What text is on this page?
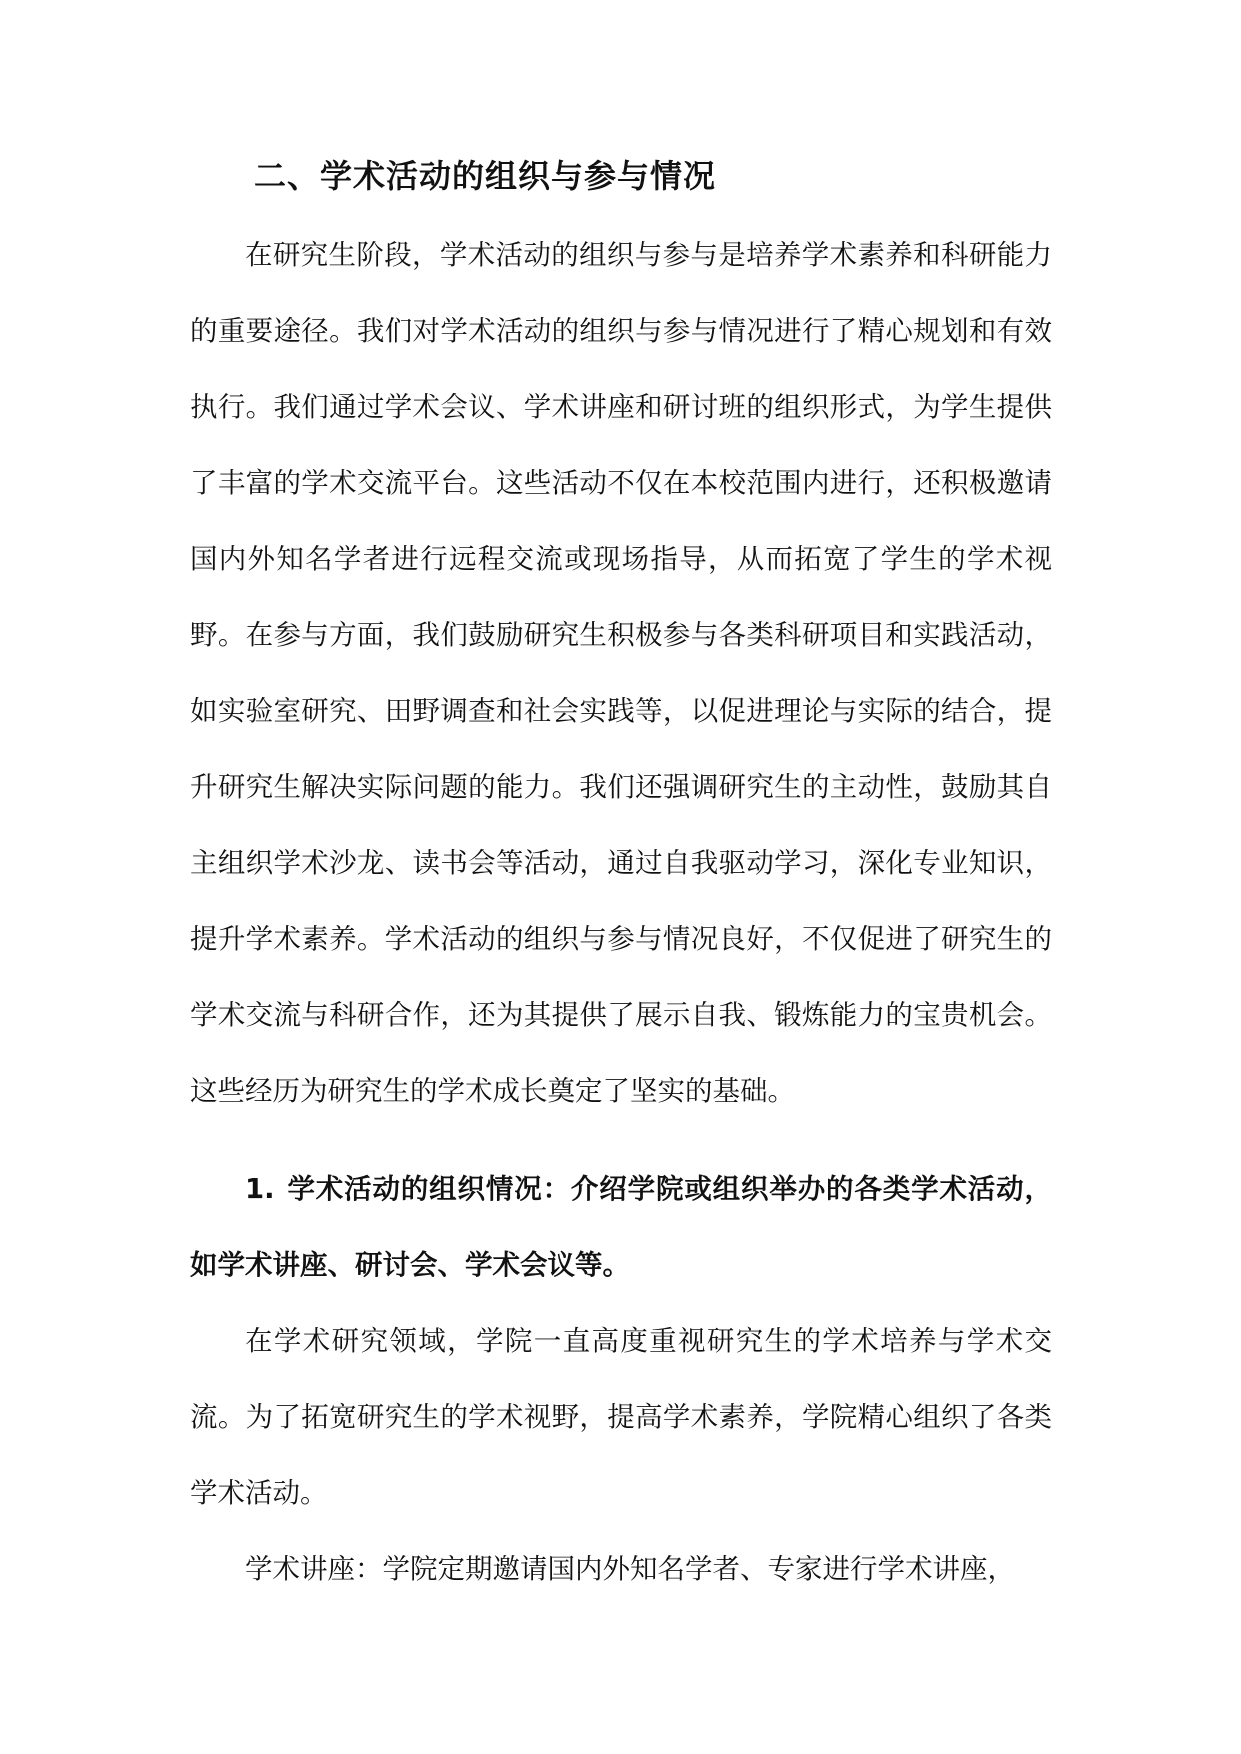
二、学术活动的组织与参与情况

在研究生阶段，学术活动的组织与参与是培养学术素养和科研能力的重要途径。我们对学术活动的组织与参与情况进行了精心规划和有效执行。我们通过学术会议、学术讲座和研讨班的组织形式，为学生提供了丰富的学术交流平台。这些活动不仅在本校范围内进行，还积极邀请国内外知名学者进行远程交流或现场指导，从而拓宽了学生的学术视野。在参与方面，我们鼓励研究生积极参与各类科研项目和实践活动，如实验室研究、田野调查和社会实践等，以促进理论与实际的结合，提升研究生解决实际问题的能力。我们还强调研究生的主动性，鼓励其自主组织学术沙龙、读书会等活动，通过自我驱动学习，深化专业知识，提升学术素养。学术活动的组织与参与情况良好，不仅促进了研究生的学术交流与科研合作，还为其提供了展示自我、锻炼能力的宝贵机会。这些经历为研究生的学术成长奠定了坚实的基础。

1. 学术活动的组织情况：介绍学院或组织举办的各类学术活动，如学术讲座、研讨会、学术会议等。

在学术研究领域，学院一直高度重视研究生的学术培养与学术交流。为了拓宽研究生的学术视野，提高学术素养，学院精心组织了各类学术活动。

学术讲座：学院定期邀请国内外知名学者、专家进行学术讲座，
